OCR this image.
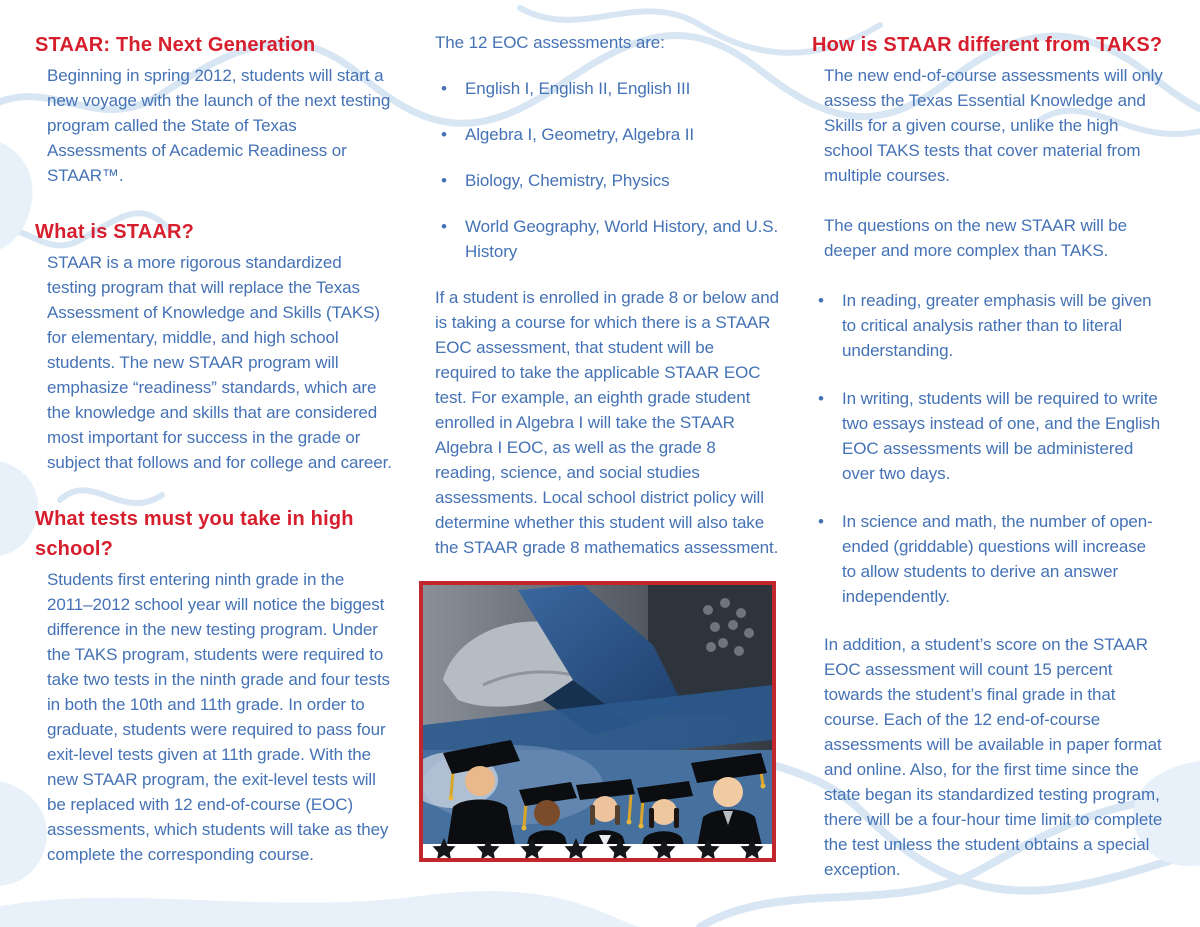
STAAR: The Next Generation

Beginning in spring 2012, students will start a new voyage with the launch of the next testing program called the State of Texas Assessments of Academic Readiness or STAAR™.

What is STAAR?

STAAR is a more rigorous standardized testing program that will replace the Texas Assessment of Knowledge and Skills (TAKS) for elementary, middle, and high school students. The new STAAR program will emphasize “readiness” standards, which are the knowledge and skills that are considered most important for success in the grade or subject that follows and for college and career.

What tests must you take in high school?

Students first entering ninth grade in the 2011–2012 school year will notice the biggest difference in the new testing program. Under the TAKS program, students were required to take two tests in the ninth grade and four tests in both the 10th and 11th grade. In order to graduate, students were required to pass four exit-level tests given at 11th grade. With the new STAAR program, the exit-level tests will be replaced with 12 end-of-course (EOC) assessments, which students will take as they complete the corresponding course.

The 12 EOC assessments are:

•	English I, English II, English III
•	Algebra I, Geometry, Algebra II
•	Biology, Chemistry, Physics
•	World Geography, World History, and U.S. History

If a student is enrolled in grade 8 or below and is taking a course for which there is a STAAR EOC assessment, that student will be required to take the applicable STAAR EOC test. For example, an eighth grade student enrolled in Algebra I will take the STAAR Algebra I EOC, as well as the grade 8 reading, science, and social studies assessments. Local school district policy will determine whether this student will also take the STAAR grade 8 mathematics assessment.

How is STAAR different from TAKS?

The new end-of-course assessments will only assess the Texas Essential Knowledge and Skills for a given course, unlike the high school TAKS tests that cover material from multiple courses.

The questions on the new STAAR will be deeper and more complex than TAKS.

•	In reading, greater emphasis will be given to critical analysis rather than to literal understanding.
•	In writing, students will be required to write two essays instead of one, and the English EOC assessments will be administered over two days.
•	In science and math, the number of open-ended (griddable) questions will increase to allow students to derive an answer independently.

In addition, a student’s score on the STAAR EOC assessment will count 15 percent towards the student’s final grade in that course. Each of the 12 end-of-course assessments will be available in paper format and online. Also, for the first time since the state began its standardized testing program, there will be a four-hour time limit to complete the test unless the student obtains a special exception.
